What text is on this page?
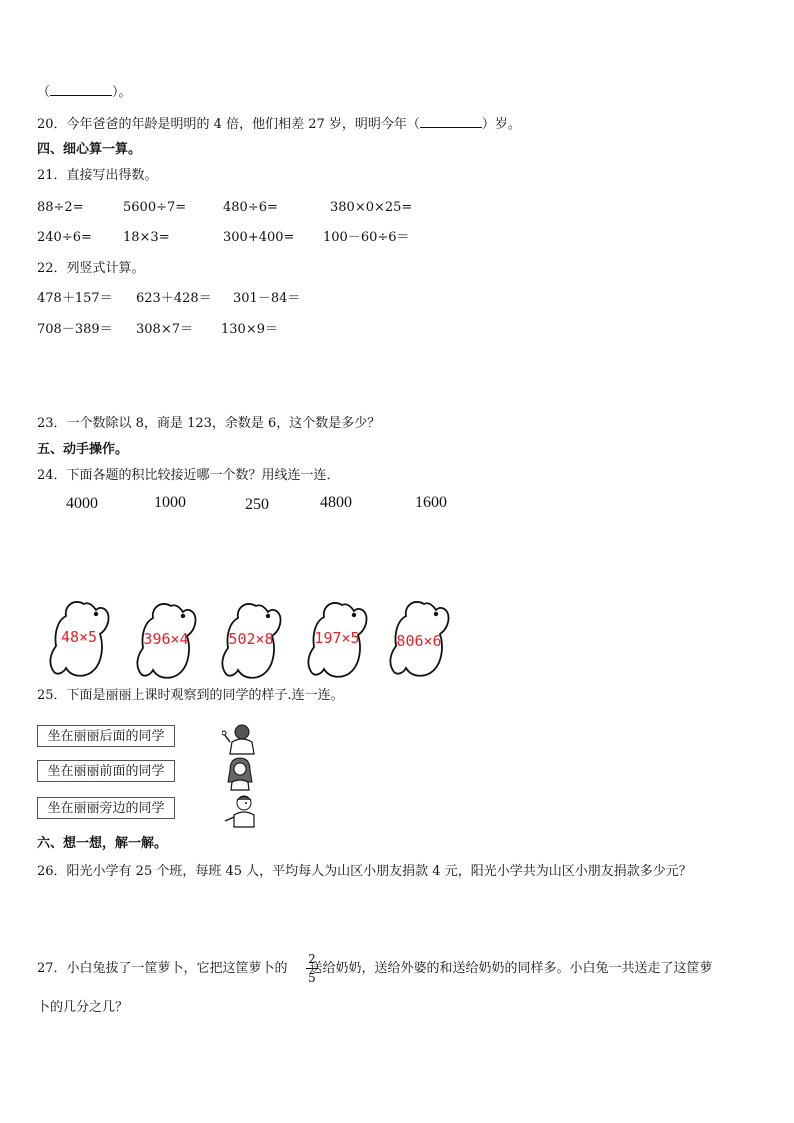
（	）。
20．今年爸爸的年龄是明明的 4 倍，他们相差 27 岁，明明今年（	）岁。
四、细心算一算。
21．直接写出得数。
88÷2=	5600÷7=	480÷6=	380×0×25=
240÷6= 18×3=	300+400= 100－60÷6＝
22．列竖式计算。
478＋157＝ 623＋428＝ 301－84＝
708－389＝ 308×7＝ 130×9＝
23．一个数除以 8，商是 123，余数是 6，这个数是多少？
五、动手操作。
24．下面各题的积比较接近哪一个数？用线连一连．
4000	1000	250	4800	1600
48×5	396×4	502×8	197×5	806×6
25．下面是丽丽上课时观察到的同学的样子.连一连。
坐在丽丽后面的同学
坐在丽丽前面的同学
坐在丽丽旁边的同学
六、想一想，解一解。
26．阳光小学有 25 个班，每班 45 人，平均每人为山区小朋友捐款 4 元，阳光小学共为山区小朋友捐款多少元？
27．小白兔拔了一筐萝卜，它把这筐萝卜的 送给奶奶，送给外婆的和送给奶奶的同样多。小白兔一共送走了这筐萝
2
5
卜的几分之几？
